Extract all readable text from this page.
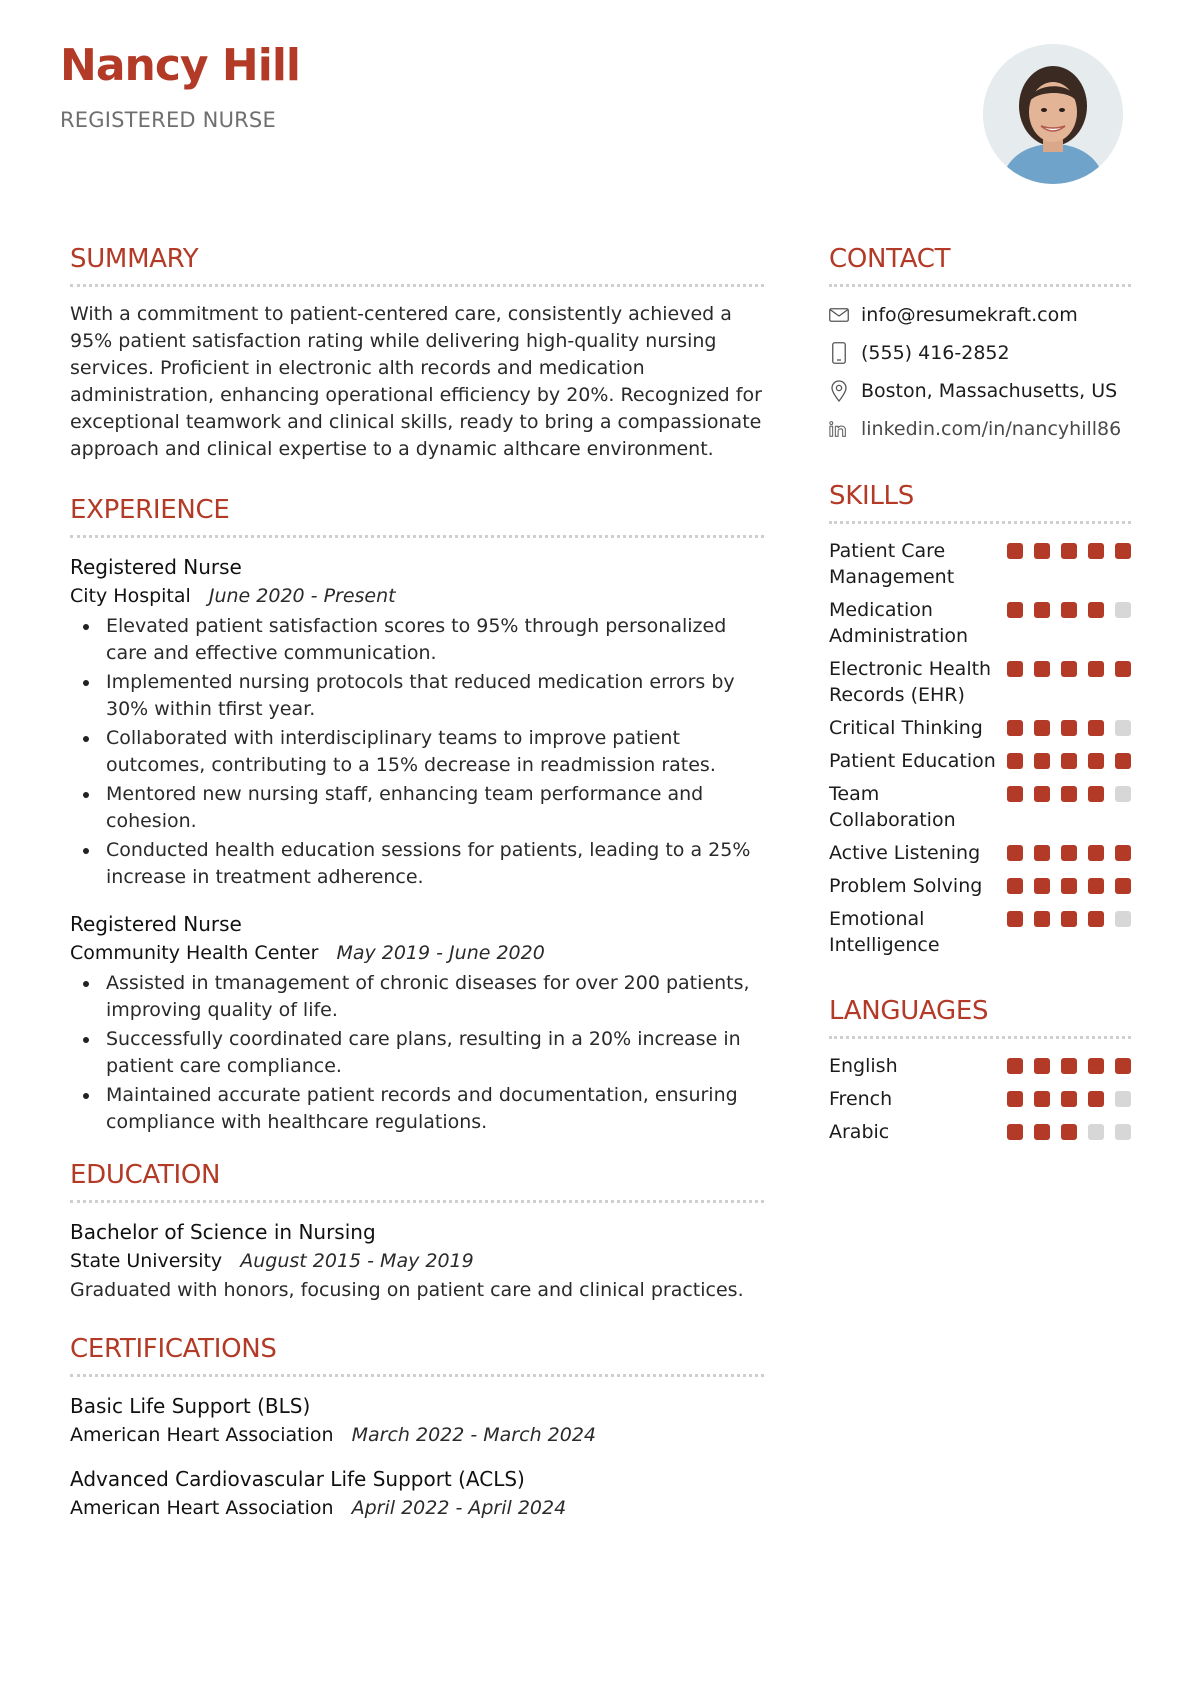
Nancy Hill
REGISTERED NURSE
SUMMARY

With a commitment to patient-centered care, consistently achieved a 95% patient satisfaction rating while delivering high-quality nursing services. Proficient in electronic alth records and medication administration, enhancing operational efficiency by 20%. Recognized for exceptional teamwork and clinical skills, ready to bring a compassionate approach and clinical expertise to a dynamic althcare environment.

EXPERIENCE
Registered Nurse
City Hospital June 2020 - Present
Elevated patient satisfaction scores to 95% through personalized care and effective communication.
Implemented nursing protocols that reduced medication errors by 30% within tfirst year.
Collaborated with interdisciplinary teams to improve patient outcomes, contributing to a 15% decrease in readmission rates.
Mentored new nursing staff, enhancing team performance and cohesion.
Conducted health education sessions for patients, leading to a 25% increase in treatment adherence.
Registered Nurse
Community Health Center May 2019 - June 2020
Assisted in tmanagement of chronic diseases for over 200 patients, improving quality of life.
Successfully coordinated care plans, resulting in a 20% increase in patient care compliance.
Maintained accurate patient records and documentation, ensuring compliance with healthcare regulations.
EDUCATION
Bachelor of Science in Nursing
State University August 2015 - May 2019

Graduated with honors, focusing on patient care and clinical practices.

CERTIFICATIONS
Basic Life Support (BLS)
American Heart Association March 2022 - March 2024
Advanced Cardiovascular Life Support (ACLS)
American Heart Association April 2022 - April 2024
CONTACT
info@resumekraft.com
(555) 416-2852
Boston, Massachusetts, US
linkedin.com/in/nancyhill86
SKILLS
Patient Care Management
Medication Administration
Electronic Health Records (EHR)
Critical Thinking
Patient Education
Team Collaboration
Active Listening
Problem Solving
Emotional Intelligence
LANGUAGES
English
French
Arabic
